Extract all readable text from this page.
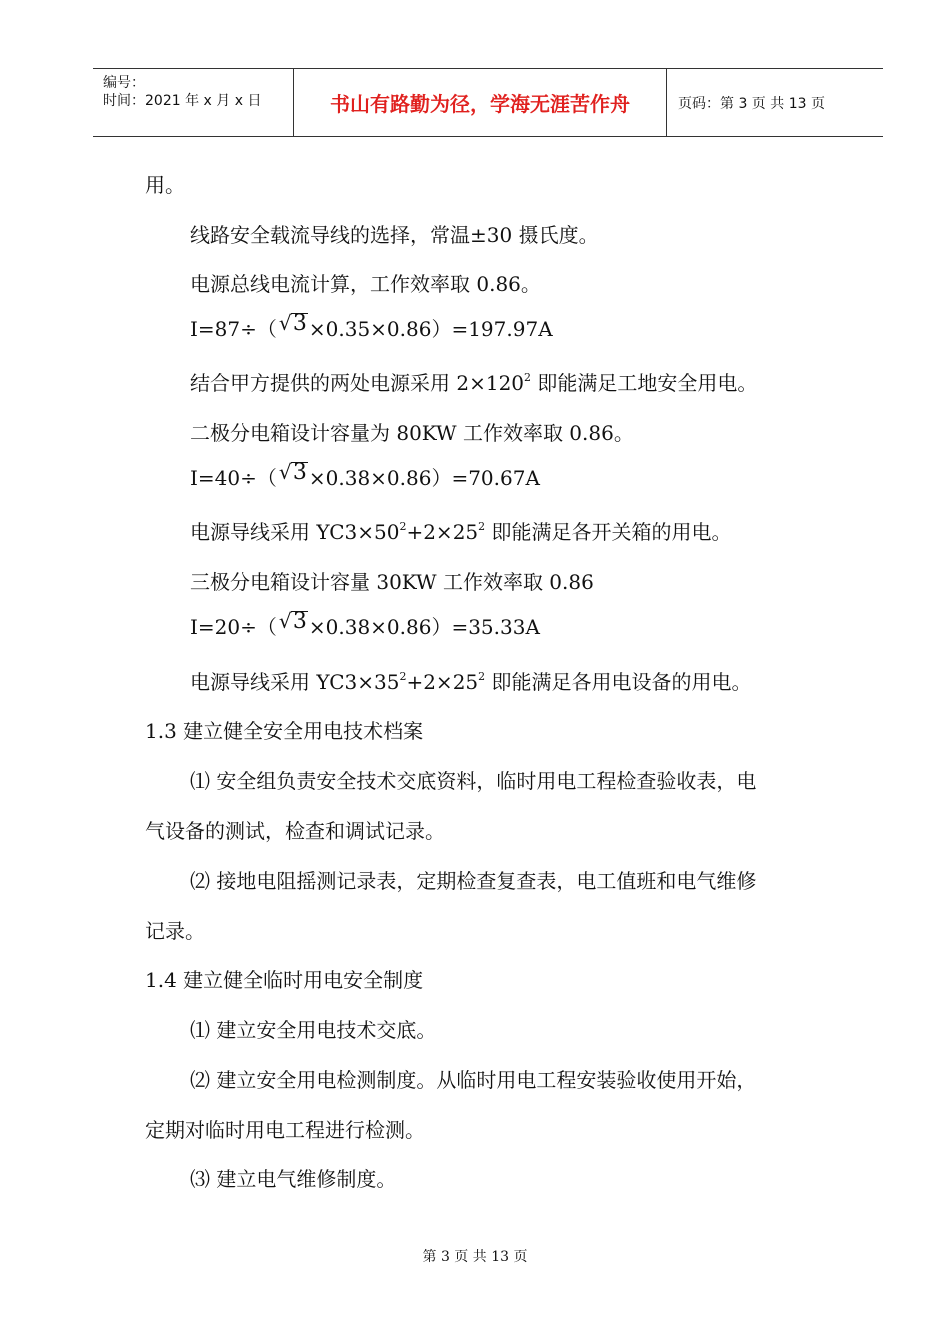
编号：
时间：2021 年 x 月 x 日	书山有路勤为径，学海无涯苦作舟	页码：第 3 页 共 13 页
用。
线路安全载流导线的选择，常温±30 摄氏度。
电源总线电流计算，工作效率取 0.86。
I=87÷（ √ 3 ×0.35×0.86）=197.97A
结合甲方提供的两处电源采用 $2\times 120^2$ 即能满足工地安全用电。
二极分电箱设计容量为 80KW 工作效率取 0.86。
I=40÷（ √ 3 ×0.38×0.86）=70.67A
电源导线采用 $YC3\times 50^2+2\times 25^2$ 即能满足各开关箱的用电。
三极分电箱设计容量 30KW 工作效率取 0.86
I=20÷（ √ 3 ×0.38×0.86）=35.33A
电源导线采用 $YC3\times 35^2+2\times 25^2$ 即能满足各用电设备的用电。
1.3 建立健全安全用电技术档案
⑴ 安全组负责安全技术交底资料，临时用电工程检查验收表，电
气设备的测试，检查和调试记录。
⑵ 接地电阻摇测记录表，定期检查复查表，电工值班和电气维修
记录。
1.4 建立健全临时用电安全制度
⑴ 建立安全用电技术交底。
⑵ 建立安全用电检测制度。从临时用电工程安装验收使用开始，
定期对临时用电工程进行检测。
⑶ 建立电气维修制度。
第 3 页 共 13 页
